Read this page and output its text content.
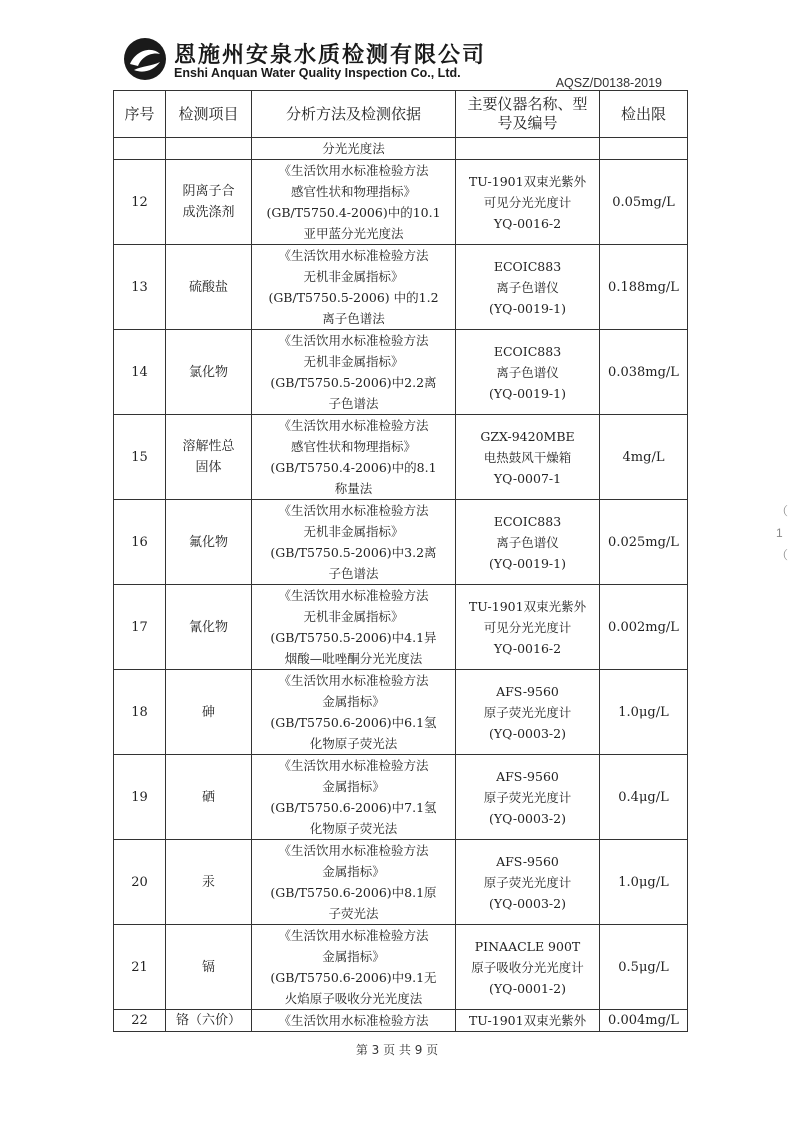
恩施州安泉水质检测有限公司
Enshi Anquan Water Quality Inspection Co., Ltd.
AQSZ/D0138-2019
（
1
（
序号	检测项目	分析方法及检测依据	主要仪器名称、型号及编号	检出限
		分光光度法		
12	阴离子合成洗涤剂	《生活饮用水标准检验方法
感官性状和物理指标》
(GB/T5750.4-2006)中的10.1
亚甲蓝分光光度法	TU-1901双束光紫外
可见分光光度计
YQ-0016-2	0.05mg/L
13	硫酸盐	《生活饮用水标准检验方法
无机非金属指标》
(GB/T5750.5-2006) 中的1.2
离子色谱法	ECOIC883
离子色谱仪
(YQ-0019-1)	0.188mg/L
14	氯化物	《生活饮用水标准检验方法
无机非金属指标》
(GB/T5750.5-2006)中2.2离
子色谱法	ECOIC883
离子色谱仪
(YQ-0019-1)	0.038mg/L
15	溶解性总固体	《生活饮用水标准检验方法
感官性状和物理指标》
(GB/T5750.4-2006)中的8.1
称量法	GZX-9420MBE
电热鼓风干燥箱
YQ-0007-1	4mg/L
16	氟化物	《生活饮用水标准检验方法
无机非金属指标》
(GB/T5750.5-2006)中3.2离
子色谱法	ECOIC883
离子色谱仪
(YQ-0019-1)	0.025mg/L
17	氰化物	《生活饮用水标准检验方法
无机非金属指标》
(GB/T5750.5-2006)中4.1异
烟酸—吡唑酮分光光度法	TU-1901双束光紫外
可见分光光度计
YQ-0016-2	0.002mg/L
18	砷	《生活饮用水标准检验方法
金属指标》
(GB/T5750.6-2006)中6.1氢
化物原子荧光法	AFS-9560
原子荧光光度计
(YQ-0003-2)	1.0μg/L
19	硒	《生活饮用水标准检验方法
金属指标》
(GB/T5750.6-2006)中7.1氢
化物原子荧光法	AFS-9560
原子荧光光度计
(YQ-0003-2)	0.4μg/L
20	汞	《生活饮用水标准检验方法
金属指标》
(GB/T5750.6-2006)中8.1原
子荧光法	AFS-9560
原子荧光光度计
(YQ-0003-2)	1.0μg/L
21	镉	《生活饮用水标准检验方法
金属指标》
(GB/T5750.6-2006)中9.1无
火焰原子吸收分光光度法	PINAACLE 900T
原子吸收分光光度计
(YQ-0001-2)	0.5μg/L
22	铬（六价）	《生活饮用水标准检验方法	TU-1901双束光紫外	0.004mg/L
第 3 页 共 9 页
